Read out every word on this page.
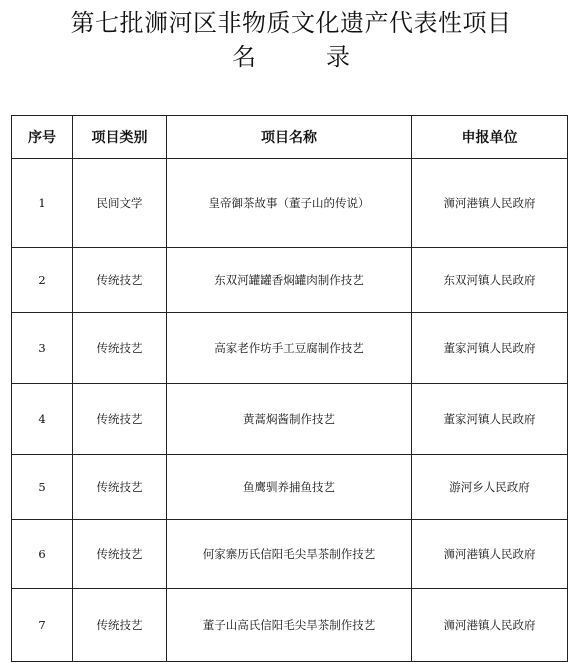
第七批浉河区非物质文化遗产代表性项目
名	录
序号	项目类别	项目名称	申报单位
1	民间文学	皇帝御茶故事（董子山的传说）	浉河港镇人民政府
2	传统技艺	东双河罐罐香焖罐肉制作技艺	东双河镇人民政府
3	传统技艺	高家老作坊手工豆腐制作技艺	董家河镇人民政府
4	传统技艺	黄蒿焖酱制作技艺	董家河镇人民政府
5	传统技艺	鱼鹰驯养捕鱼技艺	游河乡人民政府
6	传统技艺	何家寨历氏信阳毛尖旱茶制作技艺	浉河港镇人民政府
7	传统技艺	董子山高氏信阳毛尖旱茶制作技艺	浉河港镇人民政府
